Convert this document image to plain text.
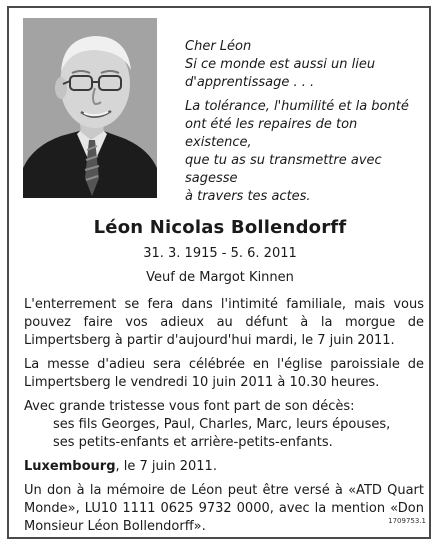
Cher Léon
Si ce monde est aussi un lieu
d'apprentissage . . .

La tolérance, l'humilité et la bonté
ont été les repaires de ton existence,
que tu as su transmettre avec sagesse
à travers tes actes.

Léon Nicolas Bollendorff
31. 3. 1915 - 5. 6. 2011
Veuf de Margot Kinnen

L'enterrement se fera dans l'intimité familiale, mais vous pouvez faire vos adieux au défunt à la morgue de Limpertsberg à partir d'aujourd'hui mardi, le 7 juin 2011.

La messe d'adieu sera célébrée en l'église paroissiale de Limpertsberg le vendredi 10 juin 2011 à 10.30 heures.

Avec grande tristesse vous font part de son décès:

ses fils Georges, Paul, Charles, Marc, leurs épouses,

ses petits-enfants et arrière-petits-enfants.

Luxembourg, le 7 juin 2011.

Un don à la mémoire de Léon peut être versé à «ATD Quart Monde», LU10 1111 0625 9732 0000, avec la mention «Don Monsieur Léon Bollendorff».	1709753.1
